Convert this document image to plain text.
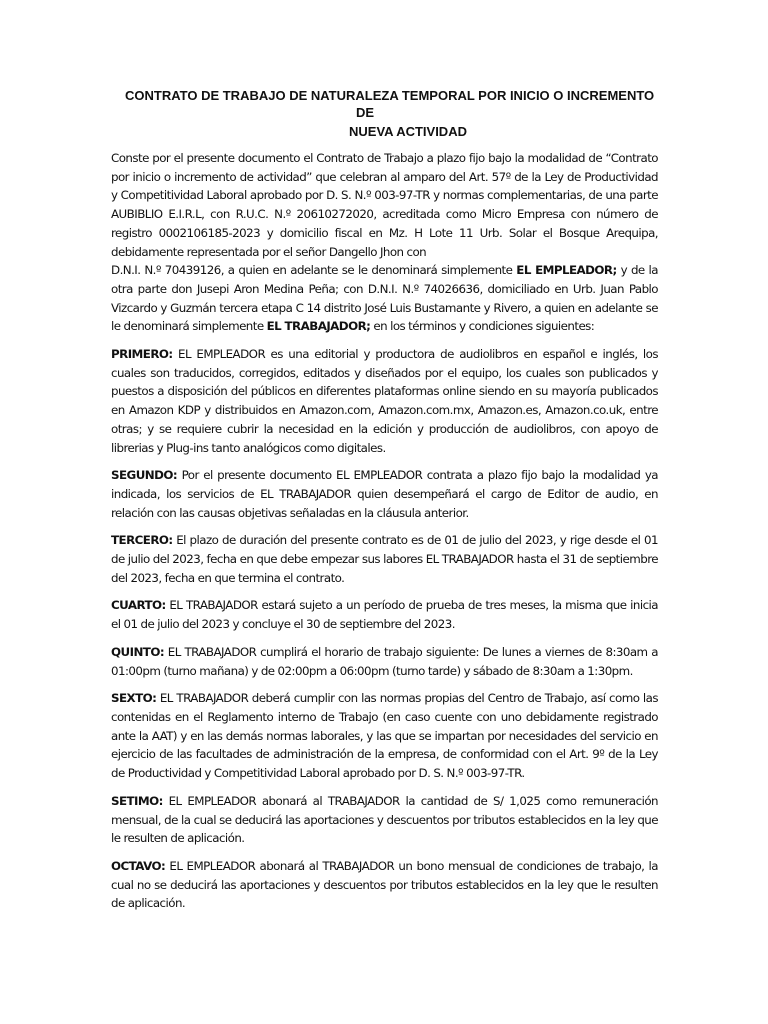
CONTRATO DE TRABAJO DE NATURALEZA TEMPORAL POR INICIO O INCREMENTO
DE
NUEVA ACTIVIDAD

Conste por el presente documento el Contrato de Trabajo a plazo fijo bajo la modalidad de “Contrato por inicio o incremento de actividad” que celebran al amparo del Art. 57º de la Ley de Productividad y Competitividad Laboral aprobado por D. S. N.º 003-97-TR y normas complementarias, de una parte AUBIBLIO E.I.R.L, con R.U.C. N.º 20610272020, acreditada como Micro Empresa con número de registro 0002106185-2023 y domicilio fiscal en Mz. H Lote 11 Urb. Solar el Bosque Arequipa, debidamente representada por el señor Dangello Jhon con

D.N.I. N.º 70439126, a quien en adelante se le denominará simplemente EL EMPLEADOR; y de la otra parte don Jusepi Aron Medina Peña; con D.N.I. N.º 74026636, domiciliado en Urb. Juan Pablo Vizcardo y Guzmán tercera etapa C 14 distrito José Luis Bustamante y Rivero, a quien en adelante se le denominará simplemente EL TRABAJADOR; en los términos y condiciones siguientes:

PRIMERO: EL EMPLEADOR es una editorial y productora de audiolibros en español e inglés, los cuales son traducidos, corregidos, editados y diseñados por el equipo, los cuales son publicados y puestos a disposición del públicos en diferentes plataformas online siendo en su mayoría publicados en Amazon KDP y distribuidos en Amazon.com, Amazon.com.mx, Amazon.es, Amazon.co.uk, entre otras; y se requiere cubrir la necesidad en la edición y producción de audiolibros, con apoyo de librerias y Plug-ins tanto analógicos como digitales.

SEGUNDO: Por el presente documento EL EMPLEADOR contrata a plazo fijo bajo la modalidad ya indicada, los servicios de EL TRABAJADOR quien desempeñará el cargo de Editor de audio, en relación con las causas objetivas señaladas en la cláusula anterior.

TERCERO: El plazo de duración del presente contrato es de 01 de julio del 2023, y rige desde el 01 de julio del 2023, fecha en que debe empezar sus labores EL TRABAJADOR hasta el 31 de septiembre del 2023, fecha en que termina el contrato.

CUARTO: EL TRABAJADOR estará sujeto a un período de prueba de tres meses, la misma que inicia el 01 de julio del 2023 y concluye el 30 de septiembre del 2023.

QUINTO: EL TRABAJADOR cumplirá el horario de trabajo siguiente: De lunes a viernes de 8:30am a 01:00pm (turno mañana) y de 02:00pm a 06:00pm (turno tarde) y sábado de 8:30am a 1:30pm.

SEXTO: EL TRABAJADOR deberá cumplir con las normas propias del Centro de Trabajo, así como las contenidas en el Reglamento interno de Trabajo (en caso cuente con uno debidamente registrado ante la AAT) y en las demás normas laborales, y las que se impartan por necesidades del servicio en ejercicio de las facultades de administración de la empresa, de conformidad con el Art. 9º de la Ley de Productividad y Competitividad Laboral aprobado por D. S. N.º 003-97-TR.

SETIMO: EL EMPLEADOR abonará al TRABAJADOR la cantidad de S/ 1,025 como remuneración mensual, de la cual se deducirá las aportaciones y descuentos por tributos establecidos en la ley que le resulten de aplicación.

OCTAVO: EL EMPLEADOR abonará al TRABAJADOR un bono mensual de condiciones de trabajo, la cual no se deducirá las aportaciones y descuentos por tributos establecidos en la ley que le resulten de aplicación.
